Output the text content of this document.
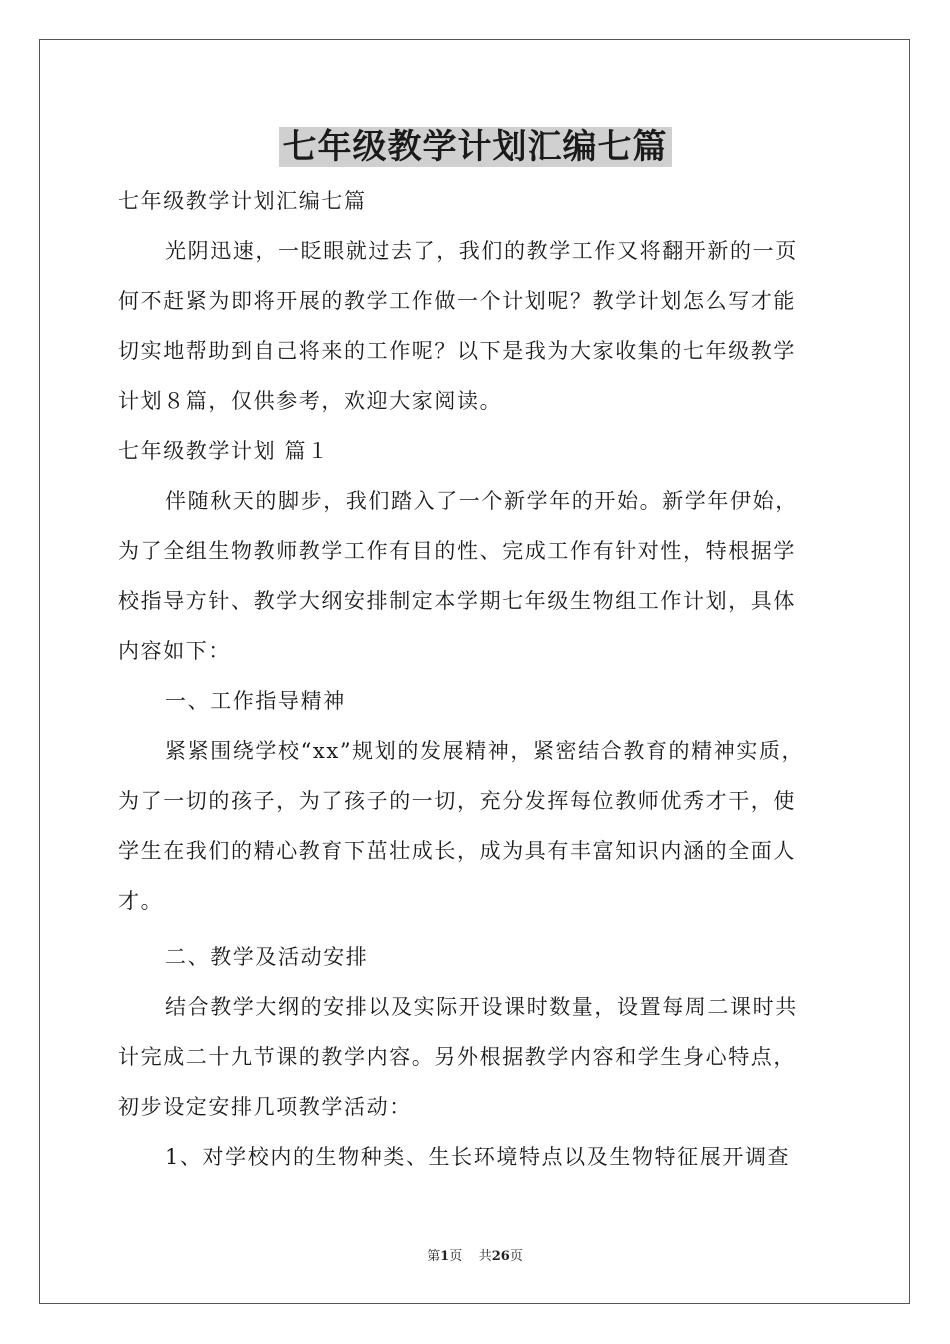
七年级教学计划汇编七篇
七年级教学计划汇编七篇
光阴迅速，一眨眼就过去了，我们的教学工作又将翻开新的一页
何不赶紧为即将开展的教学工作做一个计划呢？教学计划怎么写才能
切实地帮助到自己将来的工作呢？以下是我为大家收集的七年级教学
计划８篇，仅供参考，欢迎大家阅读。
七年级教学计划 篇１
伴随秋天的脚步，我们踏入了一个新学年的开始。新学年伊始，
为了全组生物教师教学工作有目的性、完成工作有针对性，特根据学
校指导方针、教学大纲安排制定本学期七年级生物组工作计划，具体
内容如下：
一、工作指导精神
紧紧围绕学校“xx”规划的发展精神，紧密结合教育的精神实质，
为了一切的孩子，为了孩子的一切，充分发挥每位教师优秀才干，使
学生在我们的精心教育下茁壮成长，成为具有丰富知识内涵的全面人
才。
二、教学及活动安排
结合教学大纲的安排以及实际开设课时数量，设置每周二课时共
计完成二十九节课的教学内容。另外根据教学内容和学生身心特点，
初步设定安排几项教学活动：
1、对学校内的生物种类、生长环境特点以及生物特征展开调查
第1页 共26页
